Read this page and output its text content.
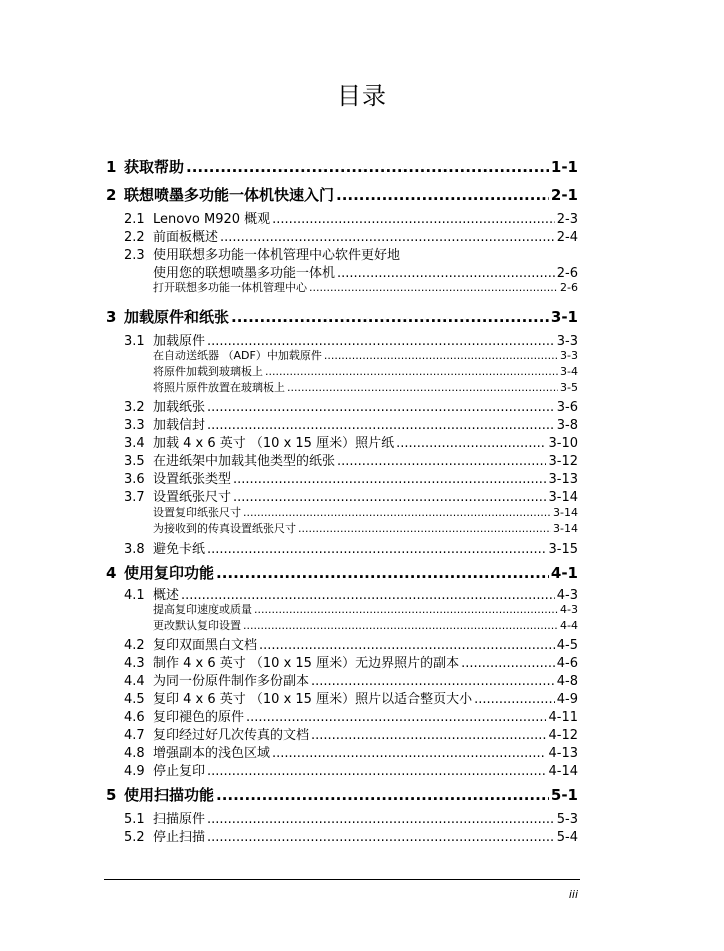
目录
1 获取帮助 .....	1-1
2 联想喷墨多功能一体机快速入门 .....	2-1
2.1 Lenovo M920 概观 .....	2-3
2.2 前面板概述 .....	2-4
2.3 使用联想多功能一体机管理中心软件更好地
使用您的联想喷墨多功能一体机 .....	2-6
打开联想多功能一体机管理中心 .....	2-6
3 加载原件和纸张 .....	3-1
3.1 加载原件 .....	3-3
在自动送纸器 （ADF）中加载原件 .....	3-3
将原件加载到玻璃板上 .....	3-4
将照片原件放置在玻璃板上 .....	3-5
3.2 加载纸张 .....	3-6
3.3 加载信封 .....	3-8
3.4 加载 4 x 6 英寸 （10 x 15 厘米）照片纸 .....	3-10
3.5 在进纸架中加载其他类型的纸张 .....	3-12
3.6 设置纸张类型 .....	3-13
3.7 设置纸张尺寸 .....	3-14
设置复印纸张尺寸 .....	3-14
为接收到的传真设置纸张尺寸 .....	3-14
3.8 避免卡纸 .....	3-15
4 使用复印功能 .....	4-1
4.1 概述 .....	4-3
提高复印速度或质量 .....	4-3
更改默认复印设置 .....	4-4
4.2 复印双面黑白文档 .....	4-5
4.3 制作 4 x 6 英寸 （10 x 15 厘米）无边界照片的副本 .....	4-6
4.4 为同一份原件制作多份副本 .....	4-8
4.5 复印 4 x 6 英寸 （10 x 15 厘米）照片以适合整页大小 .....	4-9
4.6 复印褪色的原件 .....	4-11
4.7 复印经过好几次传真的文档 .....	4-12
4.8 增强副本的浅色区域 .....	4-13
4.9 停止复印 .....	4-14
5 使用扫描功能 .....	5-1
5.1 扫描原件 .....	5-3
5.2 停止扫描 .....	5-4
iii
